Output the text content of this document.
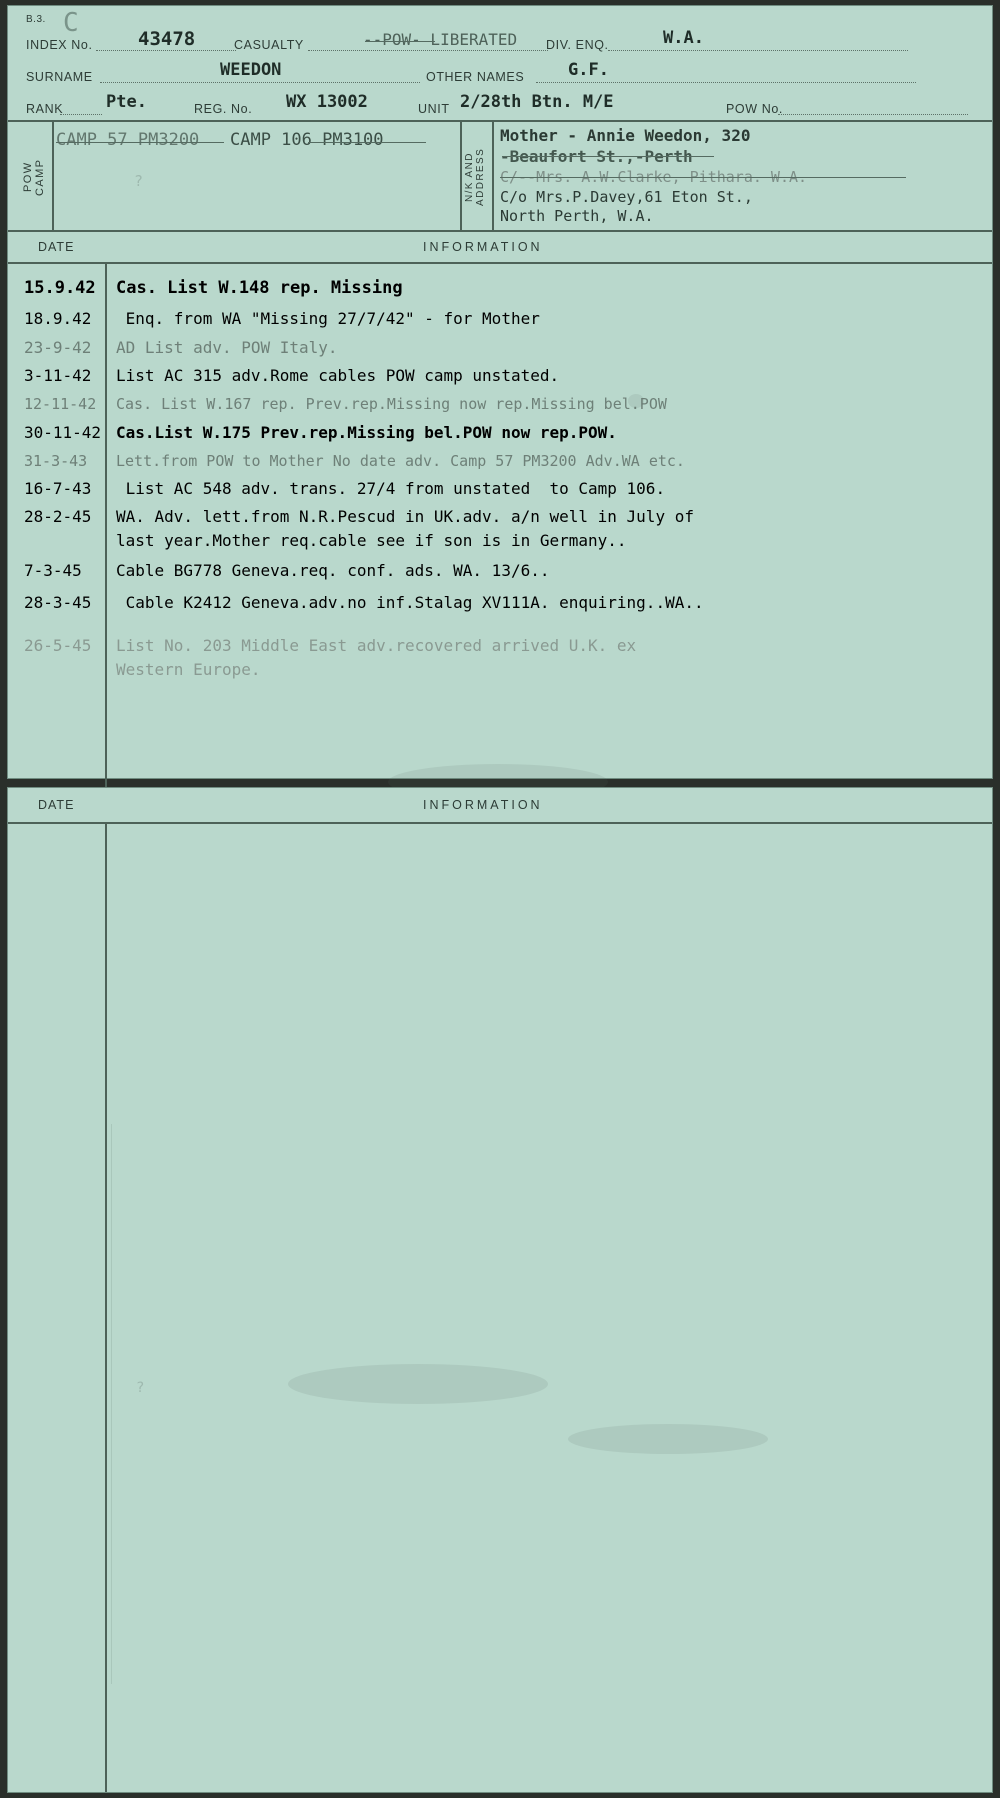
B.3. C
INDEX No. 43478	CASUALTY	--POW- LIBERATED DIV. ENQ.	W.A.
SURNAME	WEEDON	OTHER NAMES	G.F.
RANK	Pte.	REG. No. WX 13002	UNIT 2/28th Btn. M/E	POW No.
POW CAMP
CAMP 57 PM3200 CAMP 106 PM3100
?	N/K AND ADDRESS
Mother - Annie Weedon, 320
-Beaufort St.,-Perth
C/--Mrs. A.W.Clarke, Pithara. W.A.
C/o Mrs.P.Davey,61 Eton St.,
North Perth, W.A.
DATE	INFORMATION
15.9.42	Cas. List W.148 rep. Missing
18.9.42	Enq. from WA "Missing 27/7/42" - for Mother
23-9-42	AD List adv. POW Italy.
3-11-42	List AC 315 adv.Rome cables POW camp unstated.
12-11-42	Cas. List W.167 rep. Prev.rep.Missing now rep.Missing bel.POW
30-11-42 Cas.List W.175 Prev.rep.Missing bel.POW now rep.POW.
31-3-43	Lett.from POW to Mother No date adv. Camp 57 PM3200 Adv.WA etc.
16-7-43	List AC 548 adv. trans. 27/4 from unstated  to Camp 106.
28-2-45	WA. Adv. lett.from N.R.Pescud in UK.adv. a/n well in July of
last year.Mother req.cable see if son is in Germany..
7-3-45	Cable BG778 Geneva.req. conf. ads. WA. 13/6..
28-3-45	Cable K2412 Geneva.adv.no inf.Stalag XV111A. enquiring..WA..
26-5-45	List No. 203 Middle East adv.recovered arrived U.K. ex
Western Europe.
DATE	INFORMATION
?
